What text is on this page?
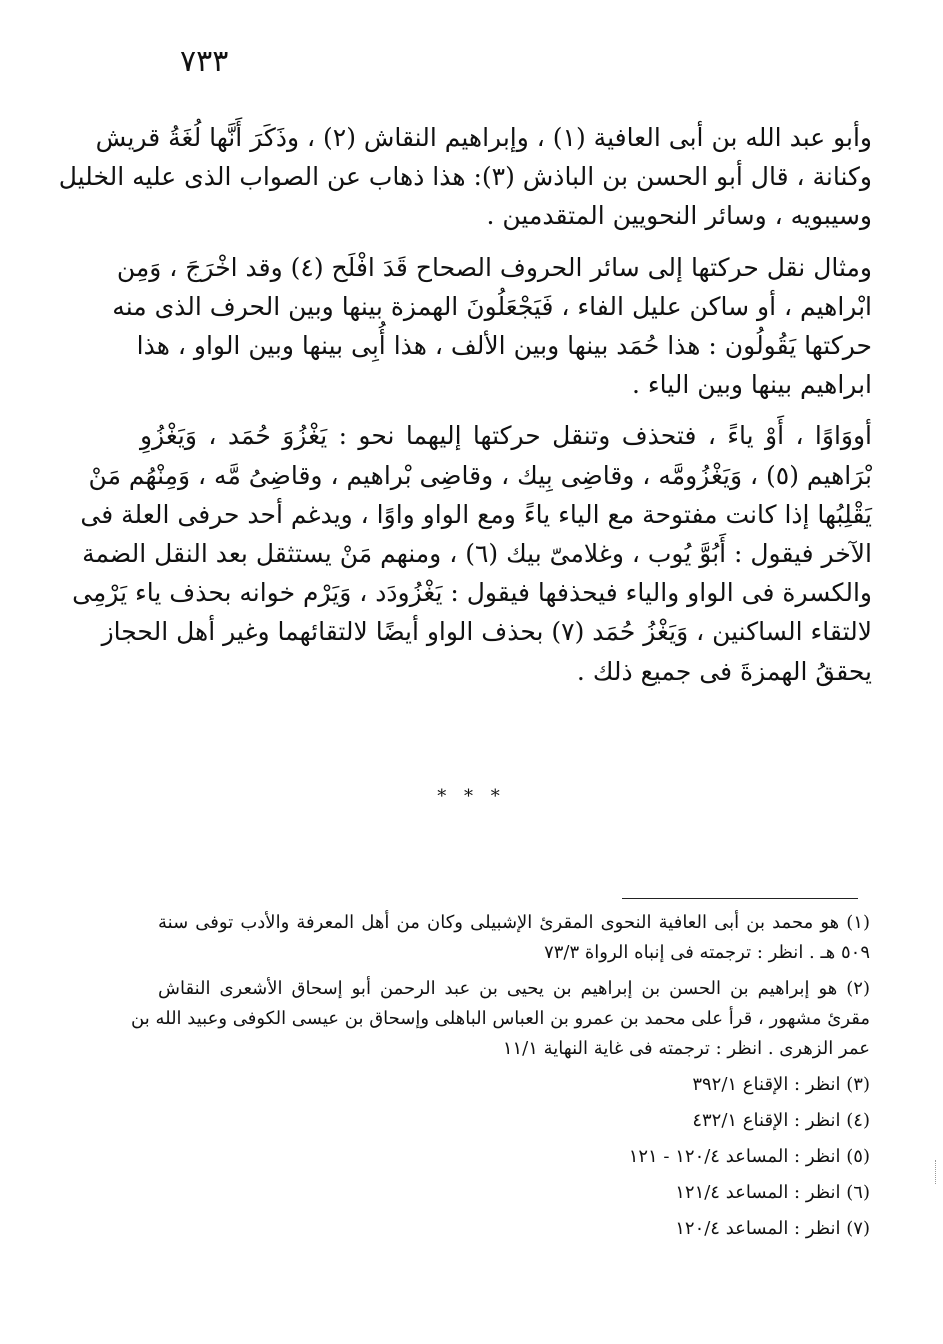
٧٣٣

وأبو عبد الله بن أبى العافية (١) ، وإبراهيم النقاش (٢) ، وذَكَرَ أَنَّها لُغَةُ قريش
وكنانة ، قال أبو الحسن بن الباذش (٣): هذا ذهاب عن الصواب الذى عليه الخليل
وسيبويه ، وسائر النحويين المتقدمين .

ومثال نقل حركتها إلى سائر الحروف الصحاح قَدَ افْلَح (٤) وقد اخْرَجَ ، وَمِن
ابْراهيم ، أو ساكن عليل الفاء ، فَيَجْعَلُونَ الهمزة بينها وبين الحرف الذى منه
حركتها يَقُولُون : هذا حُمَد بينها وبين الألف ، هذا أُبِى بينها وبين الواو ، هذا
ابراهيم بينها وبين الياء .

أووَاوًا ، أَوْ ياءً ، فتحذف وتنقل حركتها إليهما نحو : يَغْزُوَ حُمَد ، وَيَغْزُوِ
بْرَاهيم (٥) ، وَيَغْزُومَّه ، وقاضِى بِيك ، وقاضِى بْراهيم ، وقاضِىُ مَّه ، وَمِنْهُم مَنْ
يَقْلِبُها إذا كانت مفتوحة مع الياء ياءً ومع الواو واوًا ، ويدغم أحد حرفى العلة فى
الآخر فيقول : أَبُوَّ يُوب ، وغلامىّ بيك (٦) ، ومنهم مَنْ يستثقل بعد النقل الضمة
والكسرة فى الواو والياء فيحذفها فيقول : يَغْزُودَد ، وَيَرْم خوانه بحذف ياء يَرْمِى
لالتقاء الساكنين ، وَيَغْزُ حُمَد (٧) بحذف الواو أيضًا لالتقائهما وغير أهل الحجاز
يحققُ الهمزةَ فى جميع ذلك .

* * *
(١) هو محمد بن أبى العافية النحوى المقرئ الإشبيلى وكان من أهل المعرفة والأدب توفى سنة
٥٠٩ هـ . انظر : ترجمته فى إنباه الرواة ٧٣/٣
(٢) هو إبراهيم بن الحسن بن إبراهيم بن يحيى بن عبد الرحمن أبو إسحاق الأشعرى النقاش
مقرئ مشهور ، قرأ على محمد بن عمرو بن العباس الباهلى وإسحاق بن عيسى الكوفى وعبيد الله بن
عمر الزهرى . انظر : ترجمته فى غاية النهاية ١١/١
(٣) انظر : الإقناع ٣٩٢/١
(٤) انظر : الإقناع ٤٣٢/١
(٥) انظر : المساعد ١٢٠/٤ - ١٢١
(٦) انظر : المساعد ١٢١/٤
(٧) انظر : المساعد ١٢٠/٤
